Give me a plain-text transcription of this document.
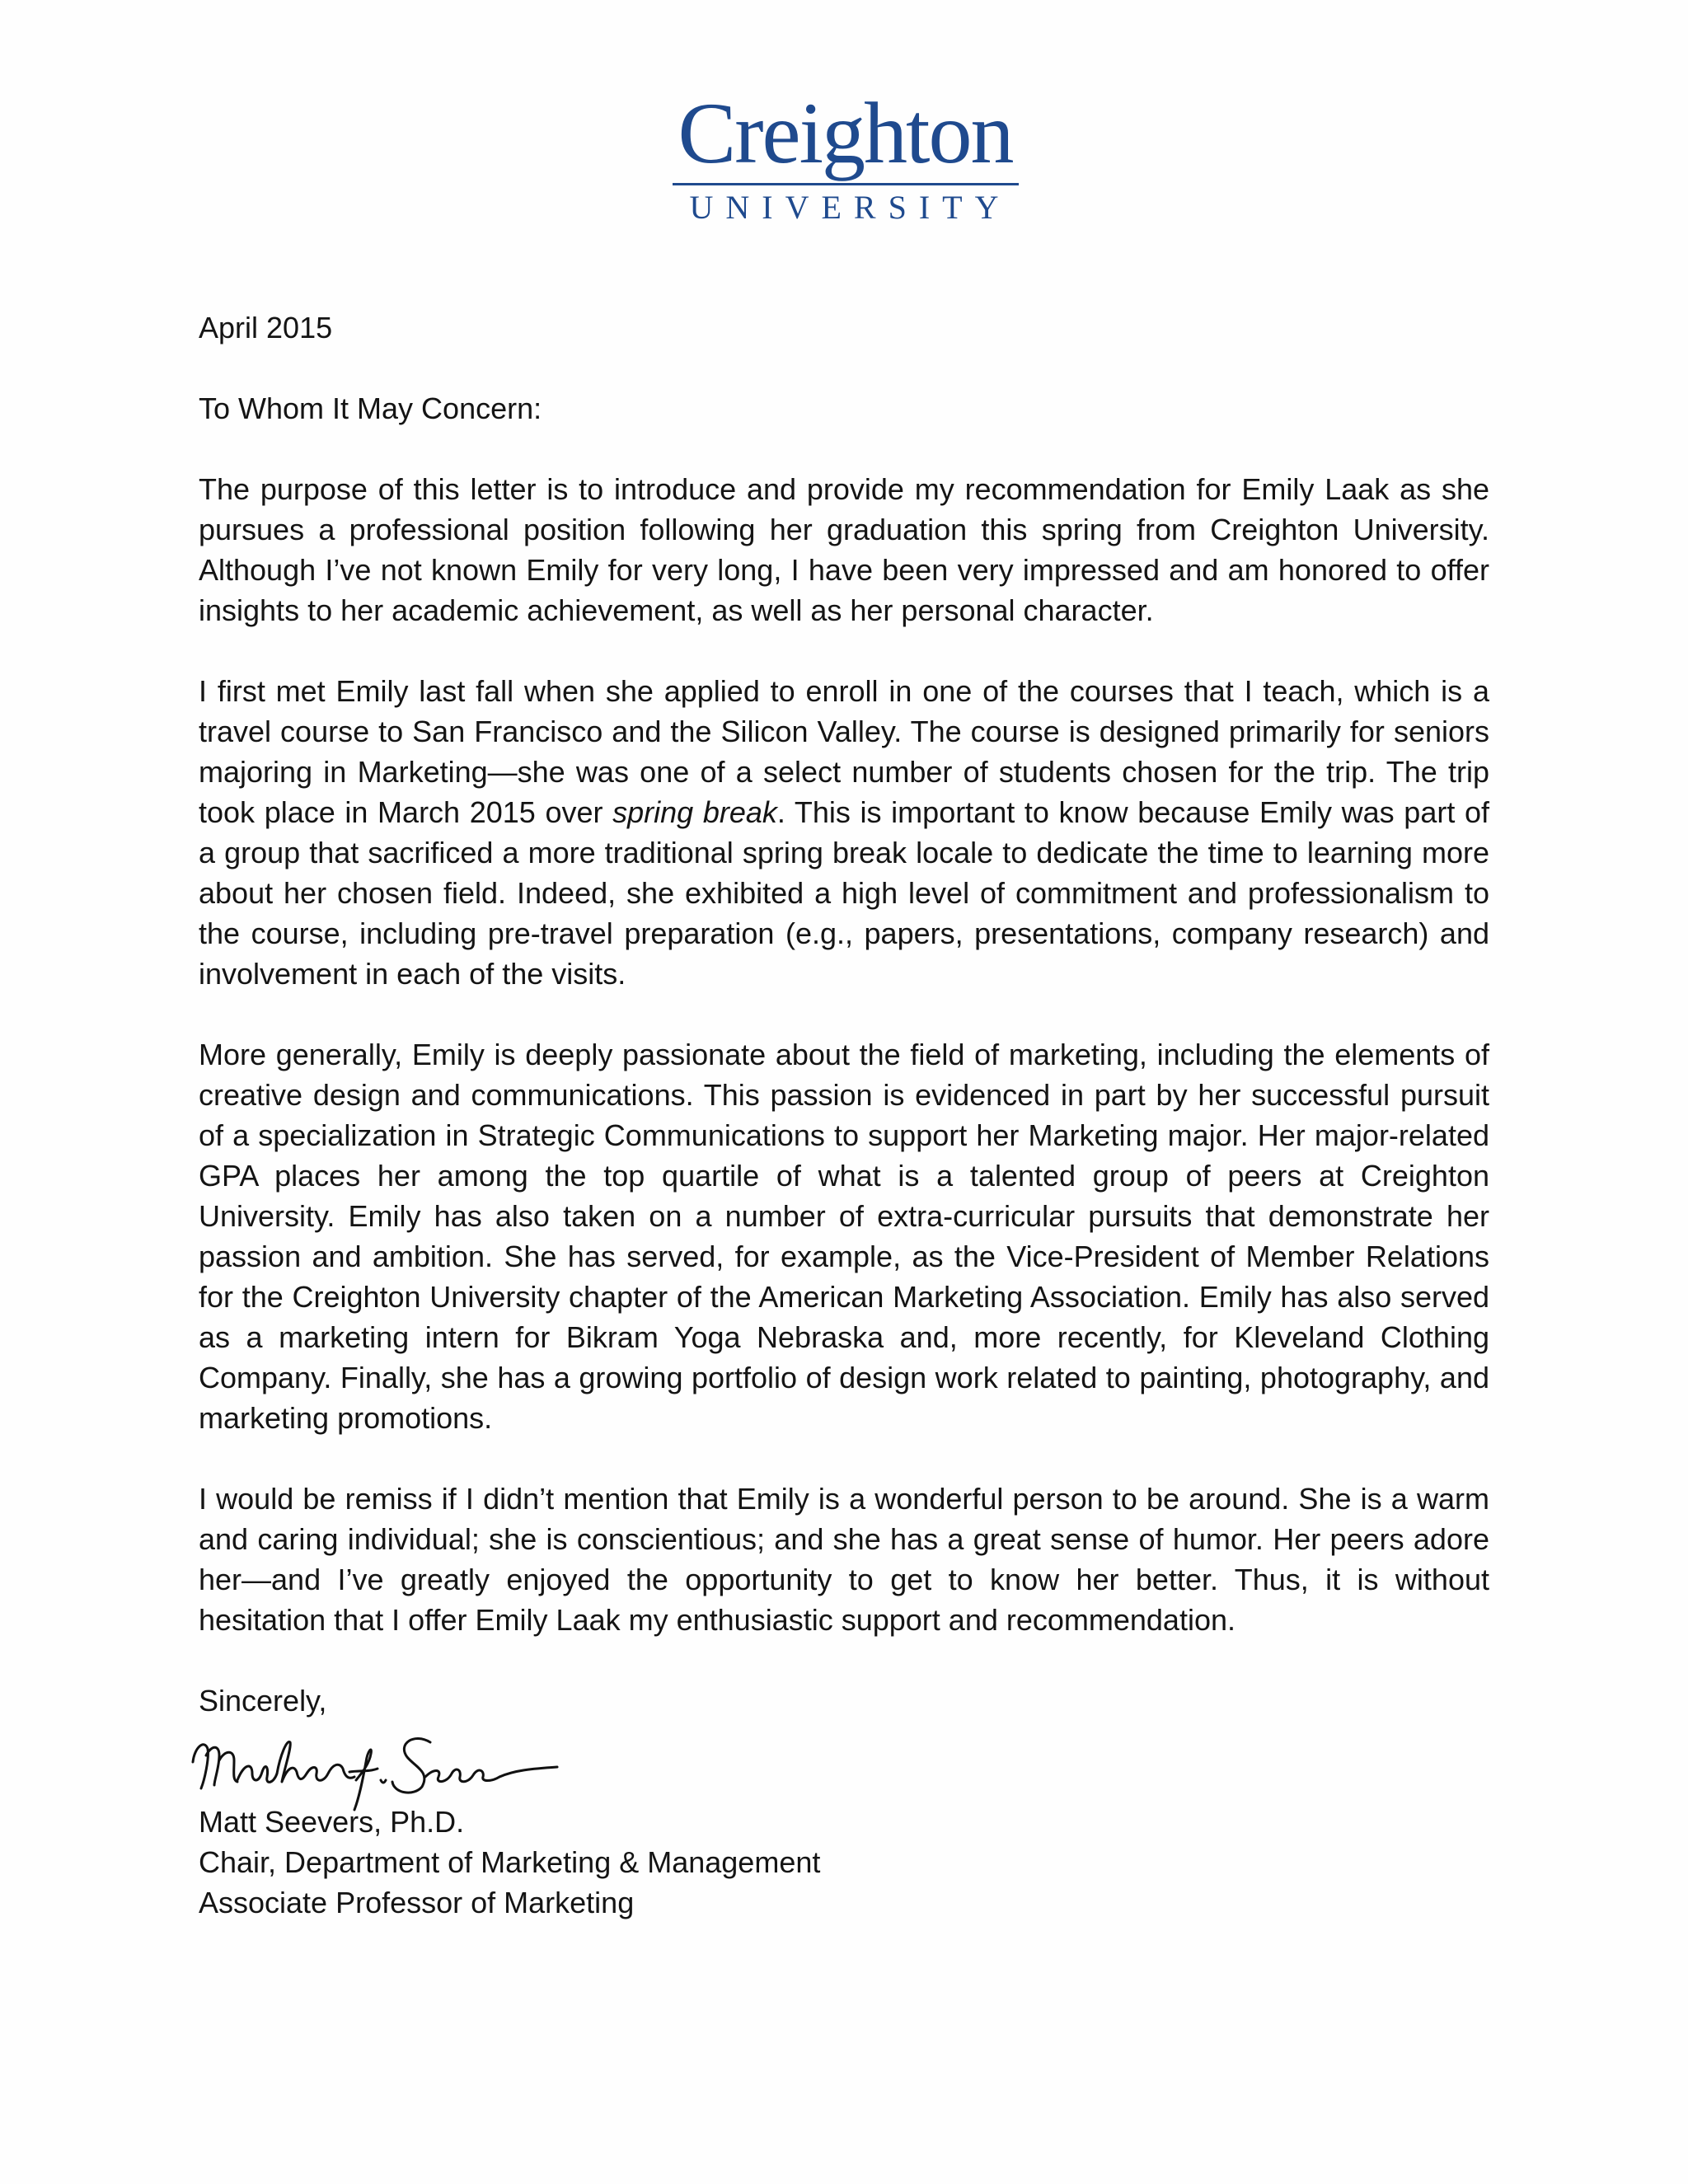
Creighton
UNIVERSITY

April 2015

To Whom It May Concern:

The purpose of this letter is to introduce and provide my recommendation for Emily Laak as she pursues a professional position following her graduation this spring from Creighton University. Although I’ve not known Emily for very long, I have been very impressed and am honored to offer insights to her academic achievement, as well as her personal character.

I first met Emily last fall when she applied to enroll in one of the courses that I teach, which is a travel course to San Francisco and the Silicon Valley. The course is designed primarily for seniors majoring in Marketing—she was one of a select number of students chosen for the trip. The trip took place in March 2015 over spring break. This is important to know because Emily was part of a group that sacrificed a more traditional spring break locale to dedicate the time to learning more about her chosen field. Indeed, she exhibited a high level of commitment and professionalism to the course, including pre-travel preparation (e.g., papers, presentations, company research) and involvement in each of the visits.

More generally, Emily is deeply passionate about the field of marketing, including the elements of creative design and communications. This passion is evidenced in part by her successful pursuit of a specialization in Strategic Communications to support her Marketing major. Her major-related GPA places her among the top quartile of what is a talented group of peers at Creighton University. Emily has also taken on a number of extra-curricular pursuits that demonstrate her passion and ambition. She has served, for example, as the Vice-President of Member Relations for the Creighton University chapter of the American Marketing Association. Emily has also served as a marketing intern for Bikram Yoga Nebraska and, more recently, for Kleveland Clothing Company. Finally, she has a growing portfolio of design work related to painting, photography, and marketing promotions.

I would be remiss if I didn’t mention that Emily is a wonderful person to be around. She is a warm and caring individual; she is conscientious; and she has a great sense of humor. Her peers adore her—and I’ve greatly enjoyed the opportunity to get to know her better. Thus, it is without hesitation that I offer Emily Laak my enthusiastic support and recommendation.

Sincerely,

Matt Seevers, Ph.D.

Chair, Department of Marketing & Management

Associate Professor of Marketing
